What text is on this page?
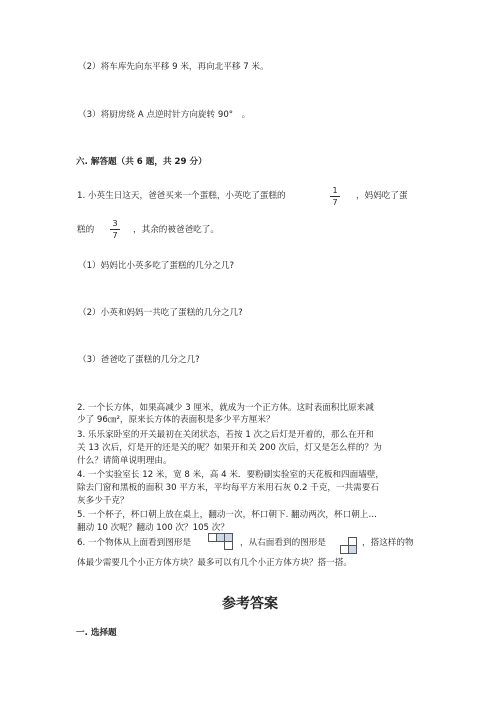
（2）将车库先向东平移 9 米，再向北平移 7 米。
（3）将厨房绕 A 点逆时针方向旋转 90°　。
六. 解答题（共 6 题，共 29 分）
1. 小英生日这天，爸爸买来一个蛋糕，小英吃了蛋糕的
1
7
，妈妈吃了蛋
糕的
3
7
，其余的被爸爸吃了。
（1）妈妈比小英多吃了蛋糕的几分之几?
（2）小英和妈妈一共吃了蛋糕的几分之几?
（3）爸爸吃了蛋糕的几分之几?
2. 一个长方体，如果高减少 3 厘米，就成为一个正方体。这时表面积比原来减
少了 96㎝²，原来长方体的表面积是多少平方厘米？
3. 乐乐家卧室的开关最初在关闭状态，若按 1 次之后灯是开着的，那么在开和
关 13 次后，灯是开的还是关的呢？如果开和关 200 次后，灯又是怎么样的？为
什么？请简单说明理由。
4. 一个实验室长 12 米，宽 8 米，高 4 米．要粉刷实验室的天花板和四面墙壁，
除去门窗和黑板的面积 30 平方米，平均每平方米用石灰 0.2 千克，一共需要石
灰多少千克？
5. 一个杯子，杯口朝上放在桌上，翻动一次，杯口朝下. 翻动两次，杯口朝上…
翻动 10 次呢？翻动 100 次？105 次？
6. 一个物体从上面看到图形是	，从右面看到的图形是	，搭这样的物
体最少需要几个小正方体方块？最多可以有几个小正方体方块？搭一搭。
参考答案
一. 选择题
